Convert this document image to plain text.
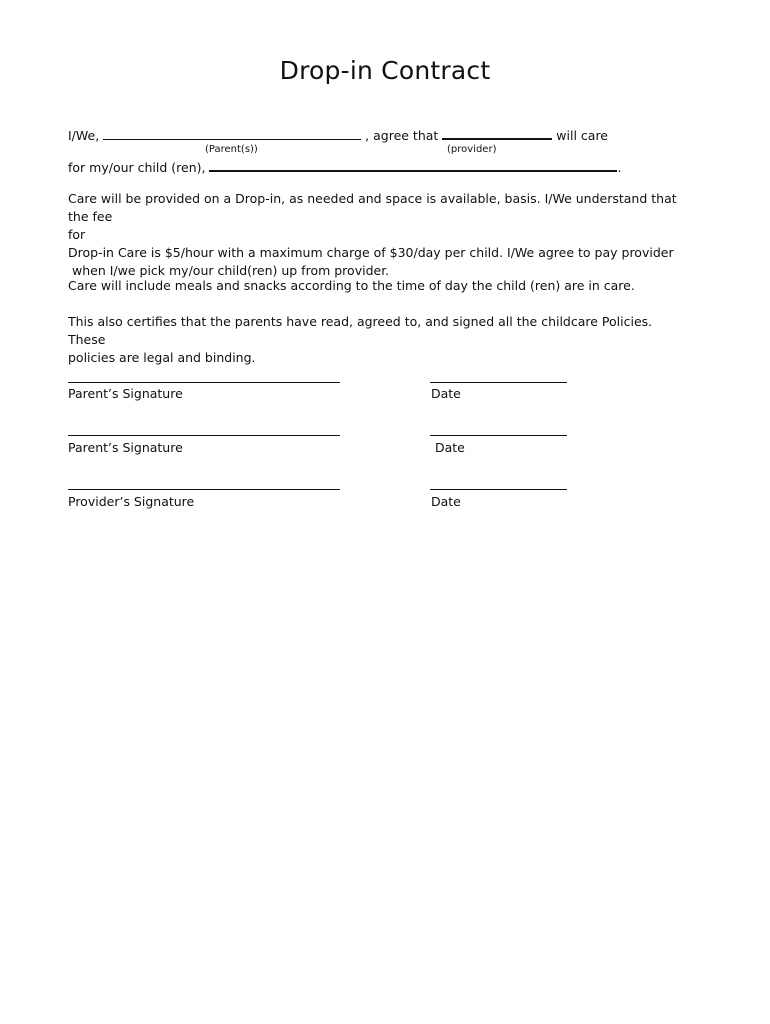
Drop-in Contract
I/We,	, agree that	will care
(Parent(s))	(provider)
for my/our child (ren),	.
Care will be provided on a Drop-in, as needed and space is available, basis. I/We understand that the fee
for
Drop-in Care is $5/hour with a maximum charge of $30/day per child. I/We agree to pay provider
when I/we pick my/our child(ren) up from provider.
Care will include meals and snacks according to the time of day the child (ren) are in care.
This also certifies that the parents have read, agreed to, and signed all the childcare Policies. These
policies are legal and binding.
Parent’s Signature	Date
Parent’s Signature	Date
Provider’s Signature	Date
